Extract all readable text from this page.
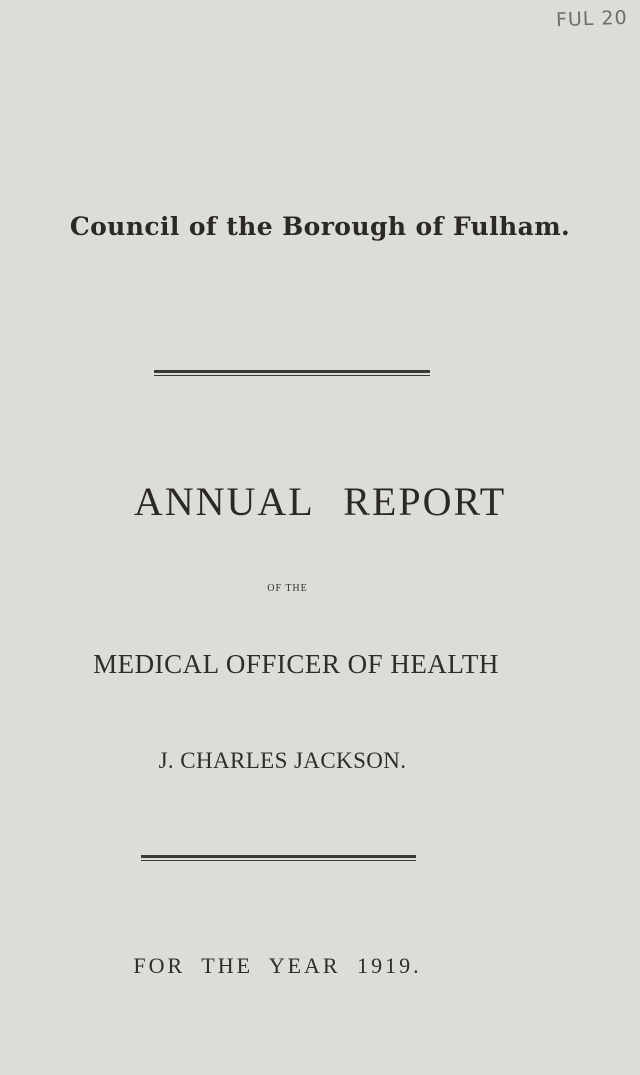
FUL 20
Council of the Borough of Fulham.
ANNUAL REPORT
OF THE
MEDICAL OFFICER OF HEALTH
J. CHARLES JACKSON.
FOR THE YEAR 1919.
